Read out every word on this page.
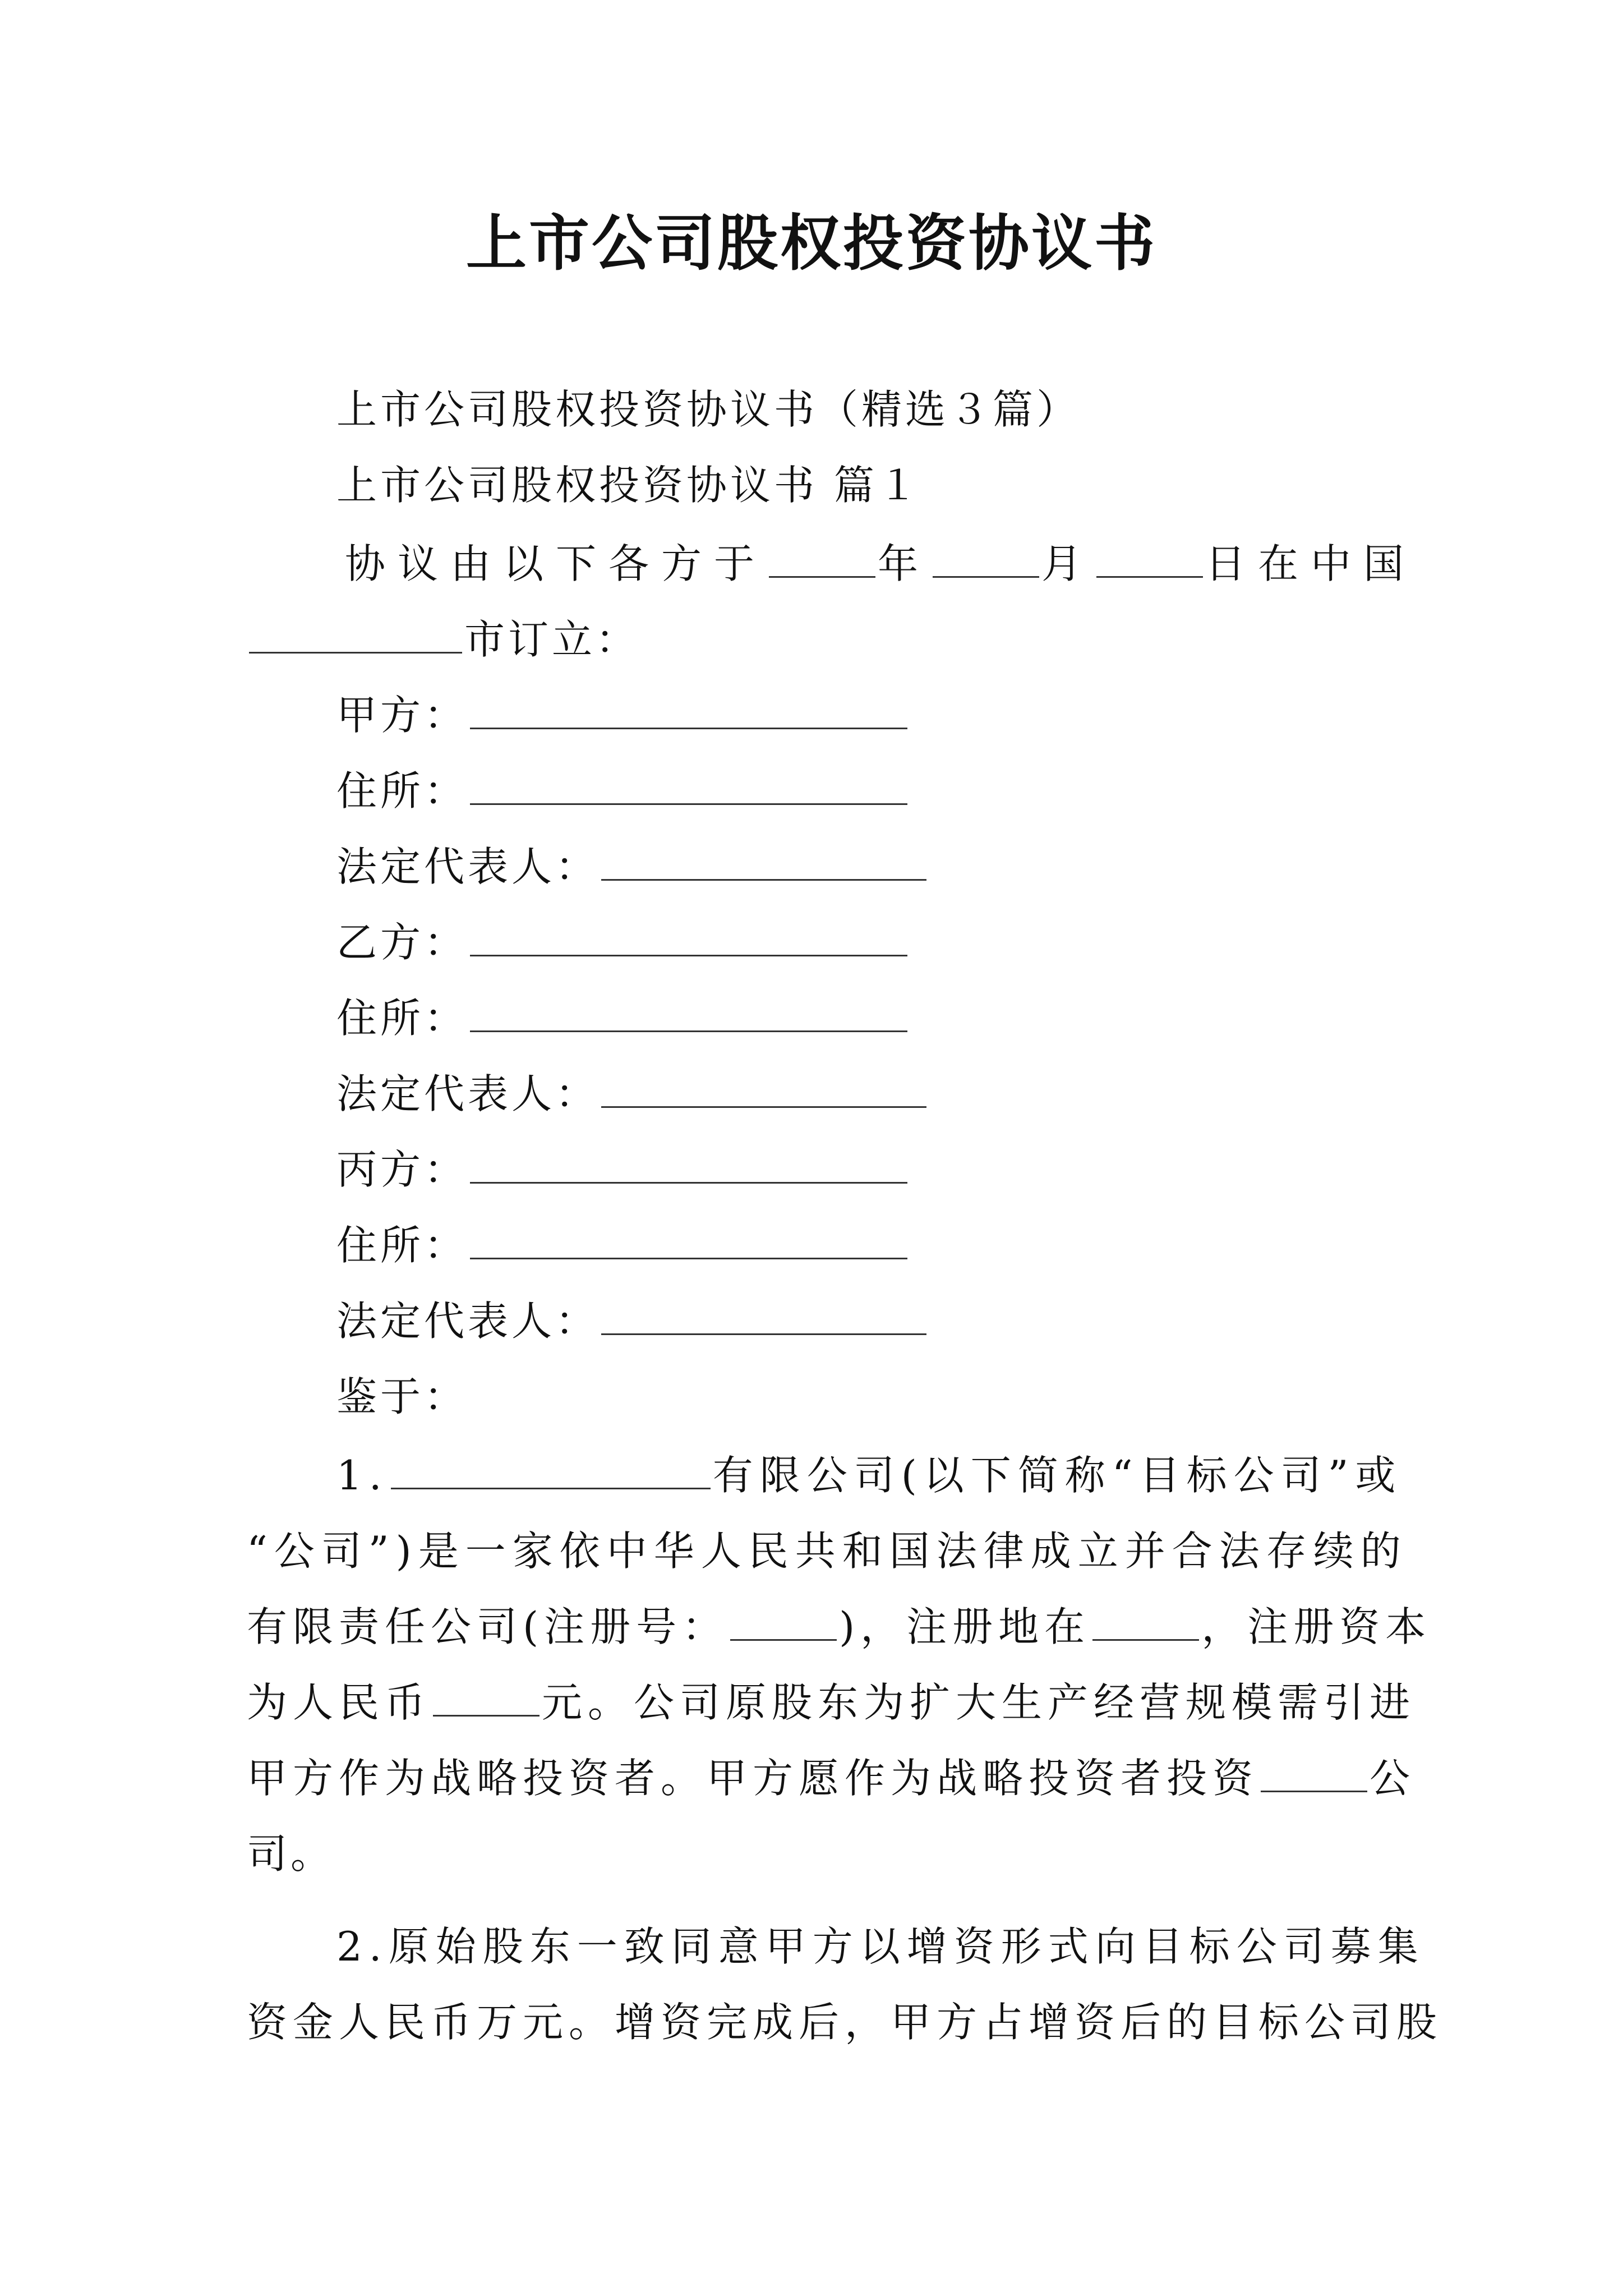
上市公司股权投资协议书
上市公司股权投资协议书（精选３篇）
上市公司股权投资协议书 篇１
协议由以下各方于	年	月	日在中国
市订立：
甲方：
住所：
法定代表人：
乙方：
住所：
法定代表人：
丙方：
住所：
法定代表人：
鉴于：
1.	有限公司(以下简称“目标公司”或
“公司”)是一家依中华人民共和国法律成立并合法存续的
有限责任公司(注册号：	)，注册地在	，注册资本
为人民币	元。公司原股东为扩大生产经营规模需引进
甲方作为战略投资者。甲方愿作为战略投资者投资	公
司。
2.原始股东一致同意甲方以增资形式向目标公司募集
资金人民币万元。增资完成后，甲方占增资后的目标公司股
